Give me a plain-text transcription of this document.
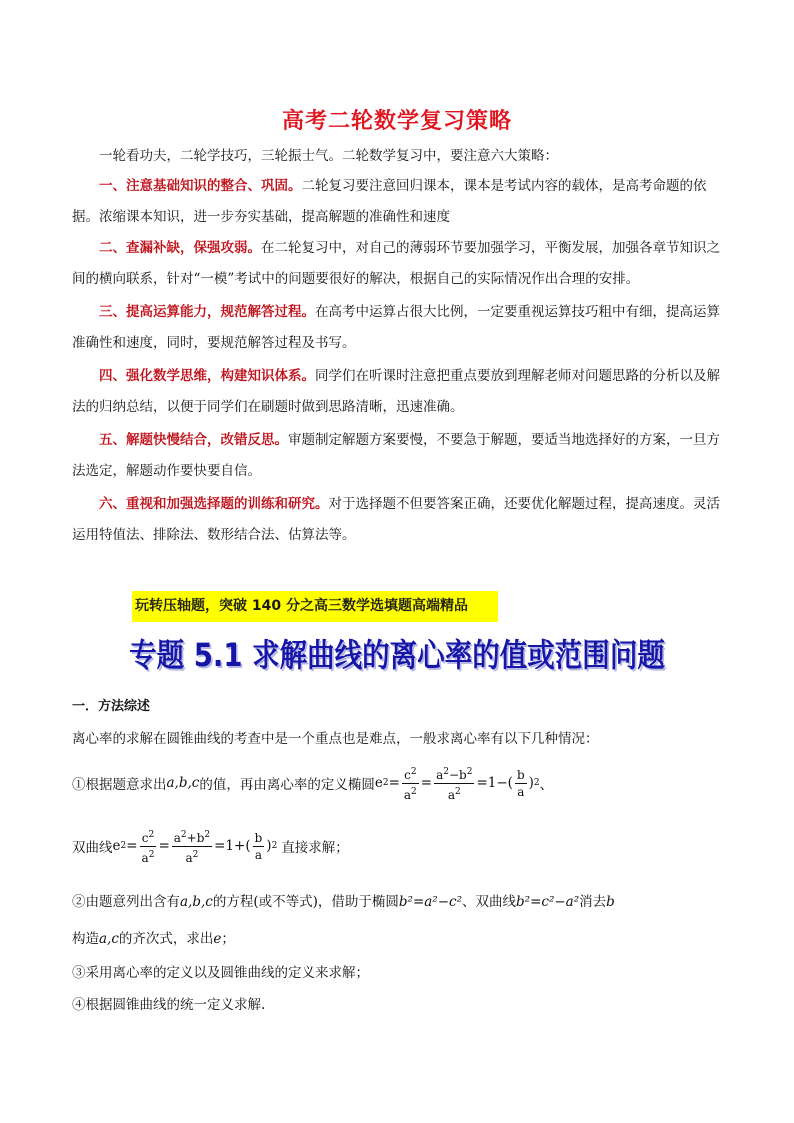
高考二轮数学复习策略
一轮看功夫，二轮学技巧，三轮振士气。二轮数学复习中，要注意六大策略：
一、注意基础知识的整合、巩固。二轮复习要注意回归课本，课本是考试内容的载体，是高考命题的依据。浓缩课本知识，进一步夯实基础，提高解题的准确性和速度
二、查漏补缺，保强攻弱。在二轮复习中，对自己的薄弱环节要加强学习，平衡发展，加强各章节知识之间的横向联系，针对“一模”考试中的问题要很好的解决，根据自己的实际情况作出合理的安排。
三、提高运算能力，规范解答过程。在高考中运算占很大比例，一定要重视运算技巧粗中有细，提高运算准确性和速度，同时，要规范解答过程及书写。
四、强化数学思维，构建知识体系。同学们在听课时注意把重点要放到理解老师对问题思路的分析以及解法的归纳总结，以便于同学们在刷题时做到思路清晰，迅速准确。
五、解题快慢结合，改错反思。审题制定解题方案要慢，不要急于解题，要适当地选择好的方案，一旦方法选定，解题动作要快要自信。
六、重视和加强选择题的训练和研究。对于选择题不但要答案正确，还要优化解题过程，提高速度。灵活运用特值法、排除法、数形结合法、估算法等。
玩转压轴题，突破 140 分之高三数学选填题高端精品
专题 5.1 求解曲线的离心率的值或范围问题
一．方法综述
离心率的求解在圆锥曲线的考查中是一个重点也是难点，一般求离心率有以下几种情况：
①根据题意求出 a,b,c 的值，再由离心率的定义椭圆 e $2 = \frac{c^2}{a^2} = \frac{a^2-b^2}{a^2} =1-( \frac{b}{a}$ ) 2 、
双曲线 e $2 = \frac{c^2}{a^2} = \frac{a^2+b^2}{a^2} =1+( \frac{b}{a}$ ) 2 直接求解；
②由题意列出含有a,b,c的方程(或不等式)，借助于椭圆b²=a²−c²、双曲线b²=c²−a²消去b
构造a,c的齐次式，求出e；
③采用离心率的定义以及圆锥曲线的定义来求解；
④根据圆锥曲线的统一定义求解.
